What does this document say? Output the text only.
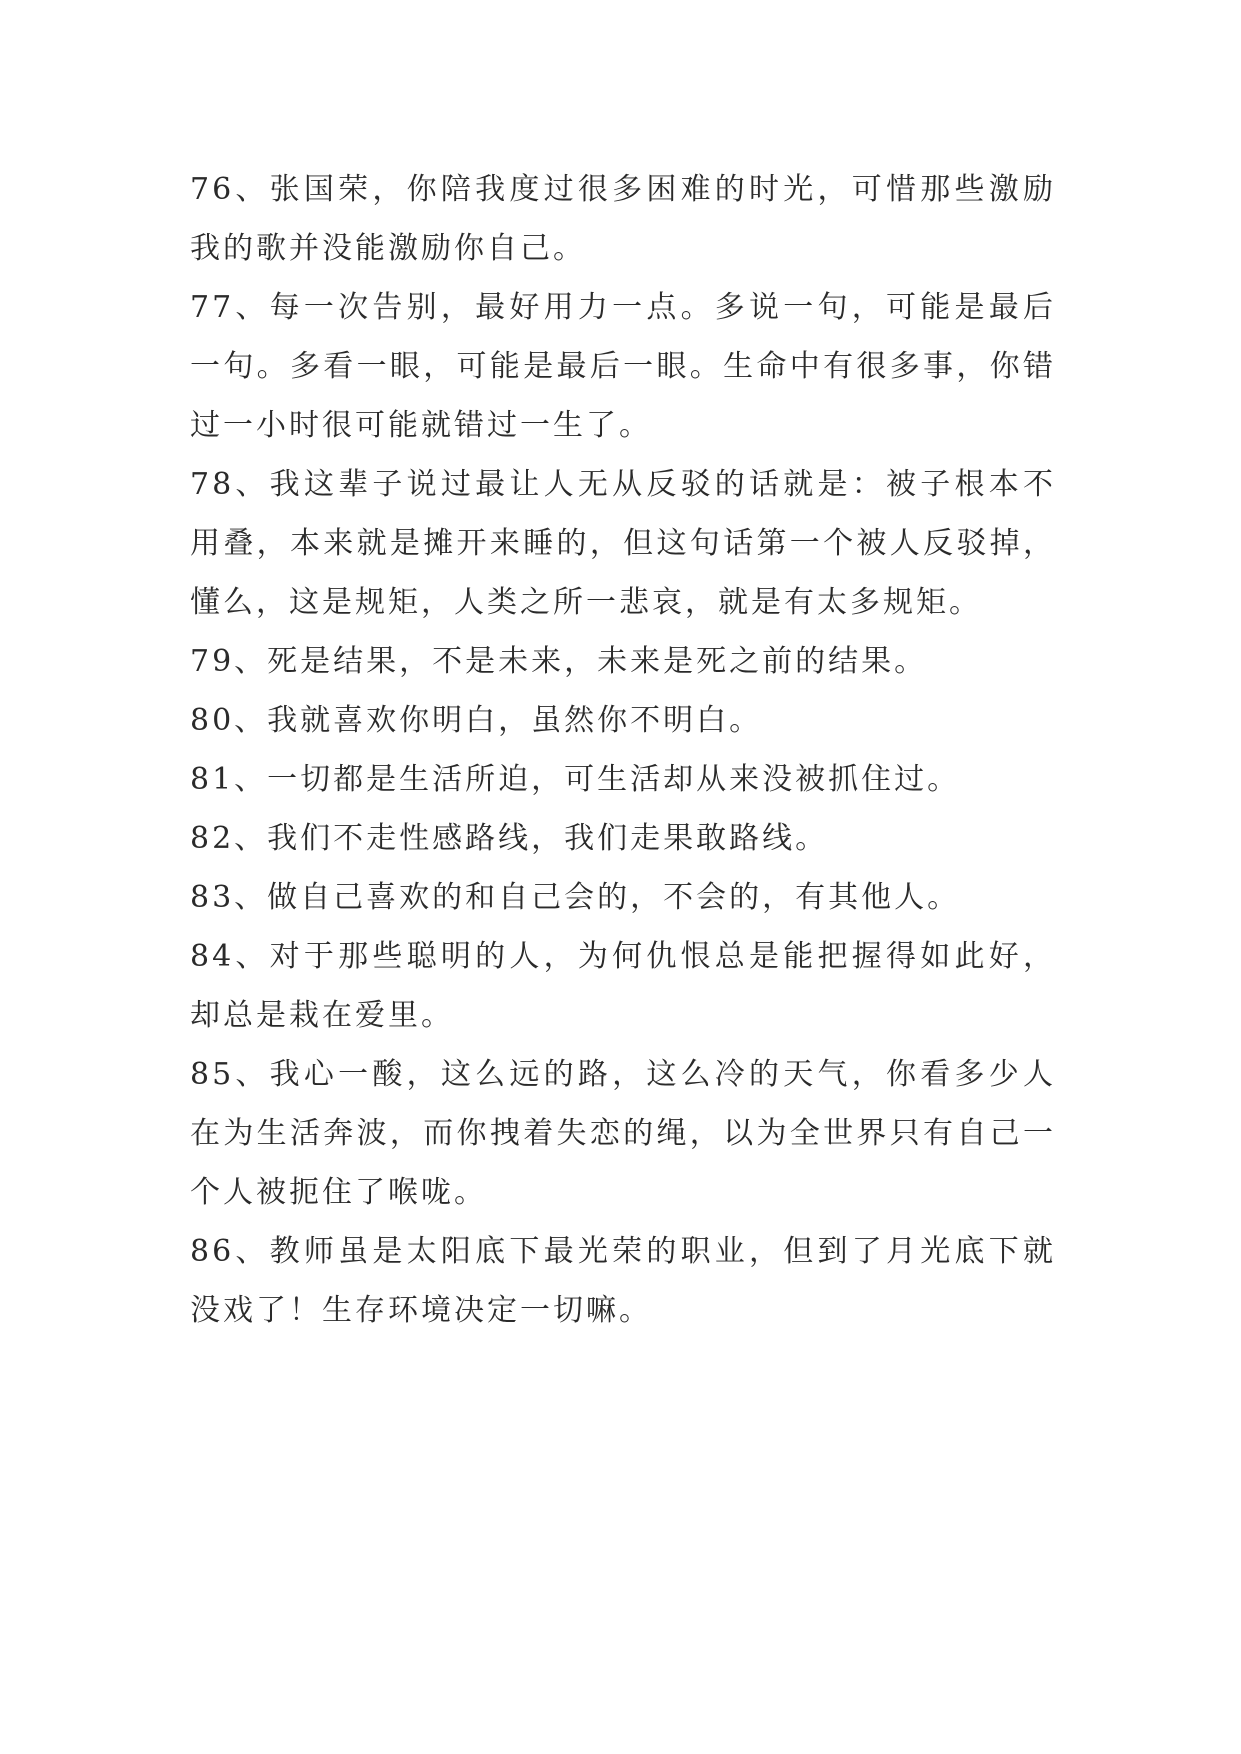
76、张国荣，你陪我度过很多困难的时光，可惜那些激励我的歌并没能激励你自己。

77、每一次告别，最好用力一点。多说一句，可能是最后一句。多看一眼，可能是最后一眼。生命中有很多事，你错过一小时很可能就错过一生了。

78、我这辈子说过最让人无从反驳的话就是：被子根本不用叠，本来就是摊开来睡的，但这句话第一个被人反驳掉，懂么，这是规矩，人类之所一悲哀，就是有太多规矩。

79、死是结果，不是未来，未来是死之前的结果。

80、我就喜欢你明白，虽然你不明白。

81、一切都是生活所迫，可生活却从来没被抓住过。

82、我们不走性感路线，我们走果敢路线。

83、做自己喜欢的和自己会的，不会的，有其他人。

84、对于那些聪明的人，为何仇恨总是能把握得如此好，却总是栽在爱里。

85、我心一酸，这么远的路，这么冷的天气，你看多少人在为生活奔波，而你拽着失恋的绳，以为全世界只有自己一个人被扼住了喉咙。

86、教师虽是太阳底下最光荣的职业，但到了月光底下就没戏了！生存环境决定一切嘛。
